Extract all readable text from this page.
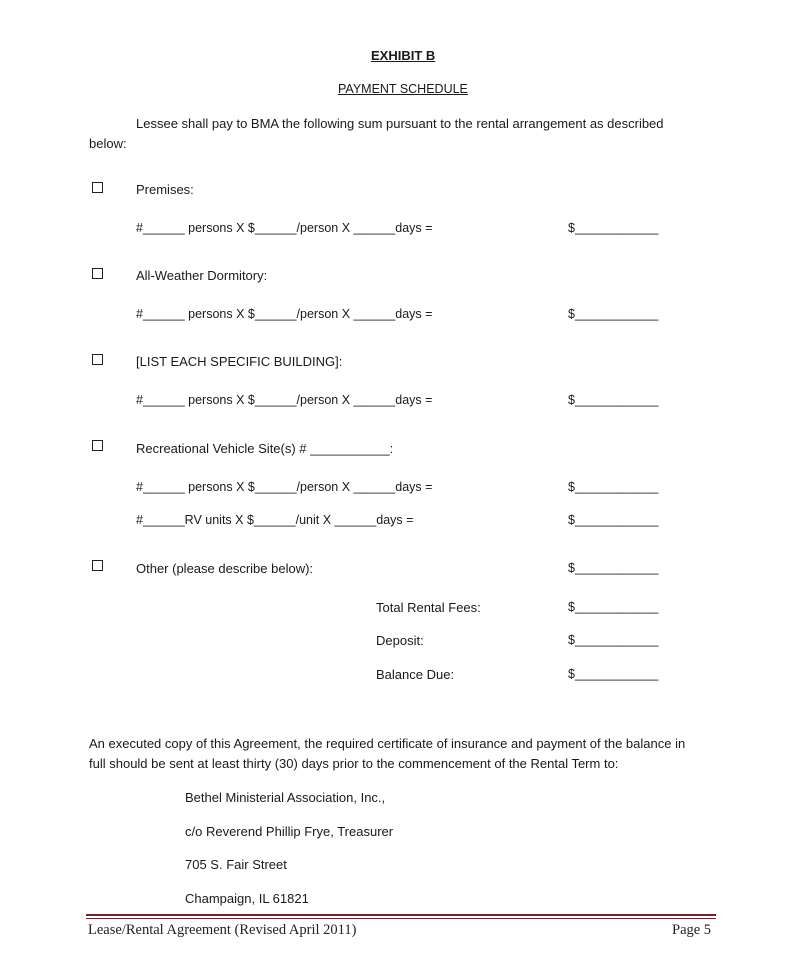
EXHIBIT B
PAYMENT SCHEDULE
Lessee shall pay to BMA the following sum pursuant to the rental arrangement as described
below:
Premises:
#______ persons X $______/person X ______days =	$____________
All-Weather Dormitory:
#______ persons X $______/person X ______days =	$____________
[LIST EACH SPECIFIC BUILDING]:
#______ persons X $______/person X ______days =	$____________
Recreational Vehicle Site(s) # ___________:
#______ persons X $______/person X ______days =	$____________
#______RV units X $______/unit X ______days =	$____________
Other (please describe below):	$____________
Total Rental Fees:	$____________
Deposit:	$____________
Balance Due:	$____________
An executed copy of this Agreement, the required certificate of insurance and payment of the balance in
full should be sent at least thirty (30) days prior to the commencement of the Rental Term to:
Bethel Ministerial Association, Inc.,
c/o Reverend Phillip Frye, Treasurer
705 S. Fair Street
Champaign, IL 61821
Lease/Rental Agreement (Revised April 2011)	Page 5
